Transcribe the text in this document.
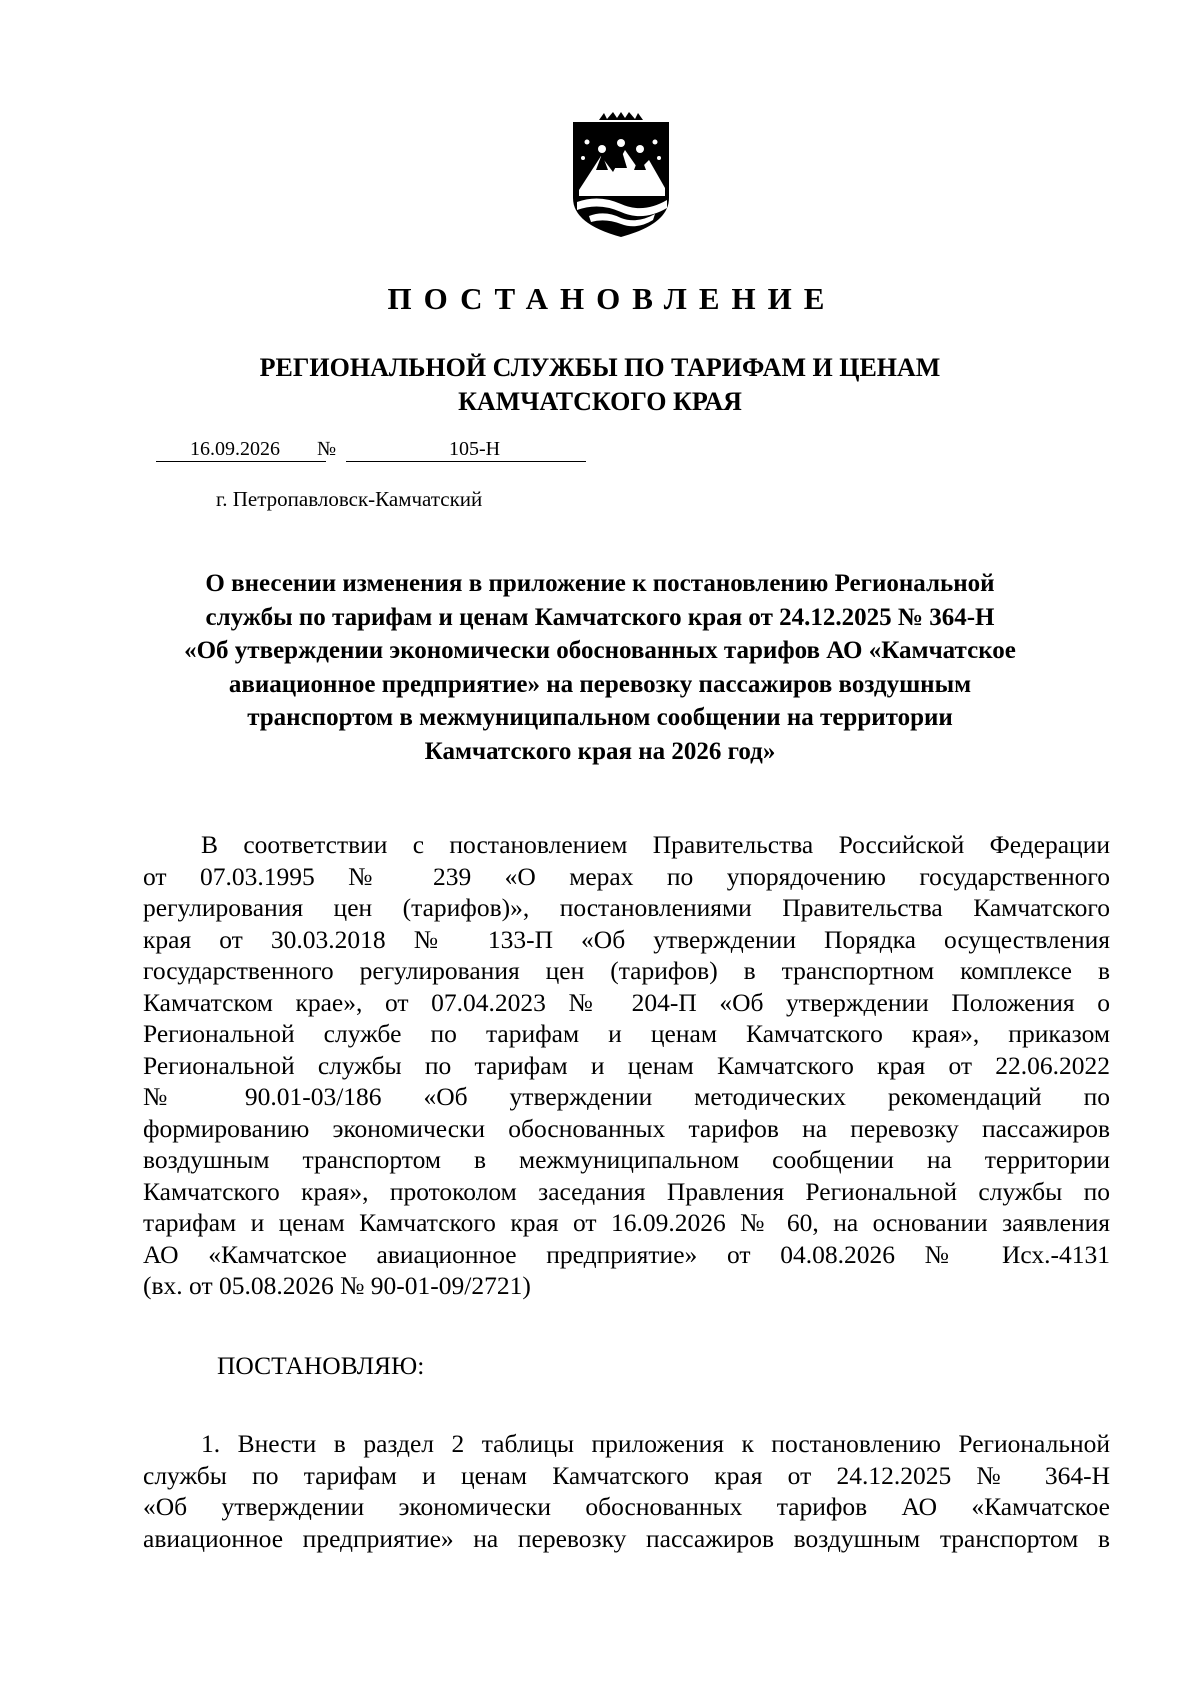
ПОСТАНОВЛЕНИЕ
РЕГИОНАЛЬНОЙ СЛУЖБЫ ПО ТАРИФАМ И ЦЕНАМ
КАМЧАТСКОГО КРАЯ
16.09.2026 №	105-Н
г. Петропавловск-Камчатский
О внесении изменения в приложение к постановлению Региональной
службы по тарифам и ценам Камчатского края от 24.12.2025 № 364-Н
«Об утверждении экономически обоснованных тарифов АО «Камчатское
авиационное предприятие» на перевозку пассажиров воздушным
транспортом в межмуниципальном сообщении на территории
Камчатского края на 2026 год»
В соответствии с постановлением Правительства Российской Федерации
от 07.03.1995 № 239 «О мерах по упорядочению государственного
регулирования цен (тарифов)», постановлениями Правительства Камчатского
края от 30.03.2018 № 133-П «Об утверждении Порядка осуществления
государственного регулирования цен (тарифов) в транспортном комплексе в
Камчатском крае», от 07.04.2023 № 204-П «Об утверждении Положения о
Региональной службе по тарифам и ценам Камчатского края», приказом
Региональной службы по тарифам и ценам Камчатского края от 22.06.2022
№ 90.01-03/186 «Об утверждении методических рекомендаций по
формированию экономически обоснованных тарифов на перевозку пассажиров
воздушным транспортом в межмуниципальном сообщении на территории
Камчатского края», протоколом заседания Правления Региональной службы по
тарифам и ценам Камчатского края от 16.09.2026 № 60, на основании заявления
АО «Камчатское авиационное предприятие» от 04.08.2026 № Исх.-4131
(вх. от 05.08.2026 № 90-01-09/2721)
ПОСТАНОВЛЯЮ:
1. Внести в раздел 2 таблицы приложения к постановлению Региональной
службы по тарифам и ценам Камчатского края от 24.12.2025 № 364-Н
«Об утверждении экономически обоснованных тарифов АО «Камчатское
авиационное предприятие» на перевозку пассажиров воздушным транспортом в
